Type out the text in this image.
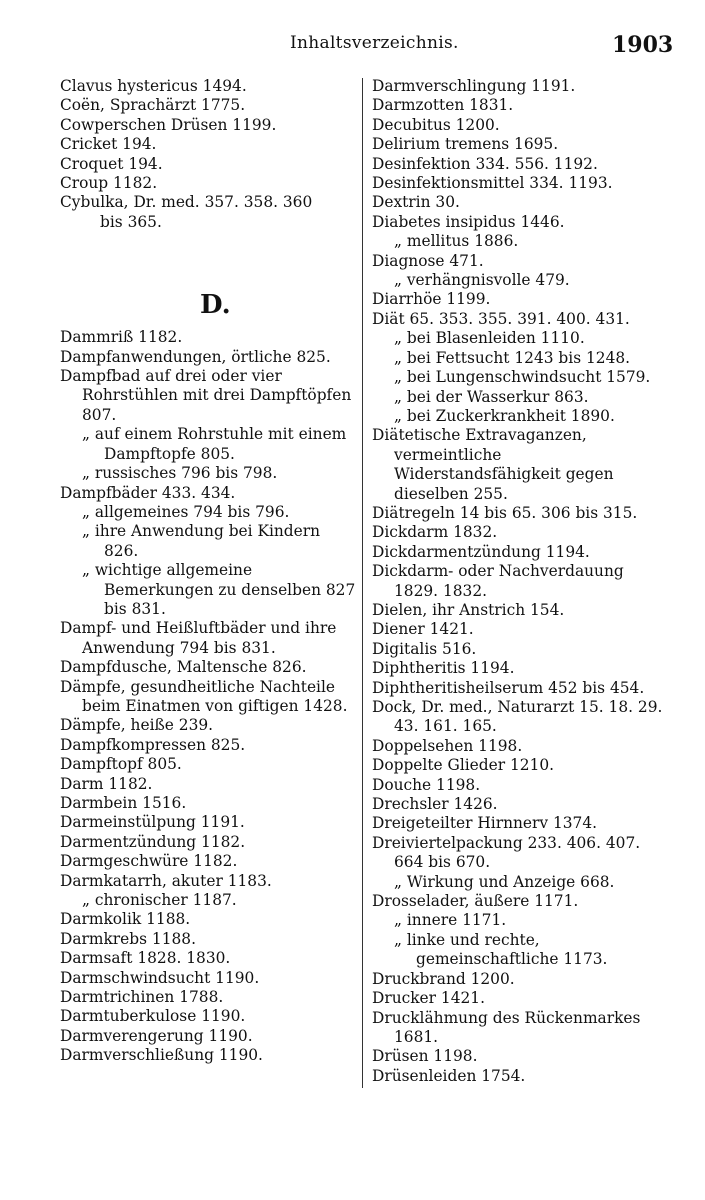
Inhaltsverzeichnis.	1903
Clavus hystericus 1494.
Coën, Sprachärzt 1775.
Cowperschen Drüsen 1199.
Cricket 194.
Croquet 194.
Croup 1182.
Cybulka, Dr. med. 357. 358. 360
bis 365.
D.
Dammriß 1182.
Dampfanwendungen, örtliche 825.
Dampfbad auf drei oder vier Rohrstühlen mit drei Dampftöpfen 807.
„ auf einem Rohrstuhle mit einem Dampftopfe 805.
„ russisches 796 bis 798.
Dampfbäder 433. 434.
„ allgemeines 794 bis 796.
„ ihre Anwendung bei Kindern 826.
„ wichtige allgemeine Bemerkungen zu denselben 827 bis 831.
Dampf- und Heißluftbäder und ihre Anwendung 794 bis 831.
Dampfdusche, Maltensche 826.
Dämpfe, gesundheitliche Nachteile beim Einatmen von giftigen 1428.
Dämpfe, heiße 239.
Dampfkompressen 825.
Dampftopf 805.
Darm 1182.
Darmbein 1516.
Darmeinstülpung 1191.
Darmentzündung 1182.
Darmgeschwüre 1182.
Darmkatarrh, akuter 1183.
„ chronischer 1187.
Darmkolik 1188.
Darmkrebs 1188.
Darmsaft 1828. 1830.
Darmschwindsucht 1190.
Darmtrichinen 1788.
Darmtuberkulose 1190.
Darmverengerung 1190.
Darmverschließung 1190.
Darmverschlingung 1191.
Darmzotten 1831.
Decubitus 1200.
Delirium tremens 1695.
Desinfektion 334. 556. 1192.
Desinfektionsmittel 334. 1193.
Dextrin 30.
Diabetes insipidus 1446.
„ mellitus 1886.
Diagnose 471.
„ verhängnisvolle 479.
Diarrhöe 1199.
Diät 65. 353. 355. 391. 400. 431.
„ bei Blasenleiden 1110.
„ bei Fettsucht 1243 bis 1248.
„ bei Lungenschwindsucht 1579.
„ bei der Wasserkur 863.
„ bei Zuckerkrankheit 1890.
Diätetische Extravaganzen, vermeintliche Widerstandsfähigkeit gegen dieselben 255.
Diätregeln 14 bis 65. 306 bis 315.
Dickdarm 1832.
Dickdarmentzündung 1194.
Dickdarm- oder Nachverdauung 1829. 1832.
Dielen, ihr Anstrich 154.
Diener 1421.
Digitalis 516.
Diphtheritis 1194.
Diphtheritisheilserum 452 bis 454.
Dock, Dr. med., Naturarzt 15. 18. 29. 43. 161. 165.
Doppelsehen 1198.
Doppelte Glieder 1210.
Douche 1198.
Drechsler 1426.
Dreigeteilter Hirnnerv 1374.
Dreiviertelpackung 233. 406. 407. 664 bis 670.
„ Wirkung und Anzeige 668.
Drosselader, äußere 1171.
„ innere 1171.
„ linke und rechte, gemeinschaftliche 1173.
Druckbrand 1200.
Drucker 1421.
Drucklähmung des Rückenmarkes 1681.
Drüsen 1198.
Drüsenleiden 1754.
